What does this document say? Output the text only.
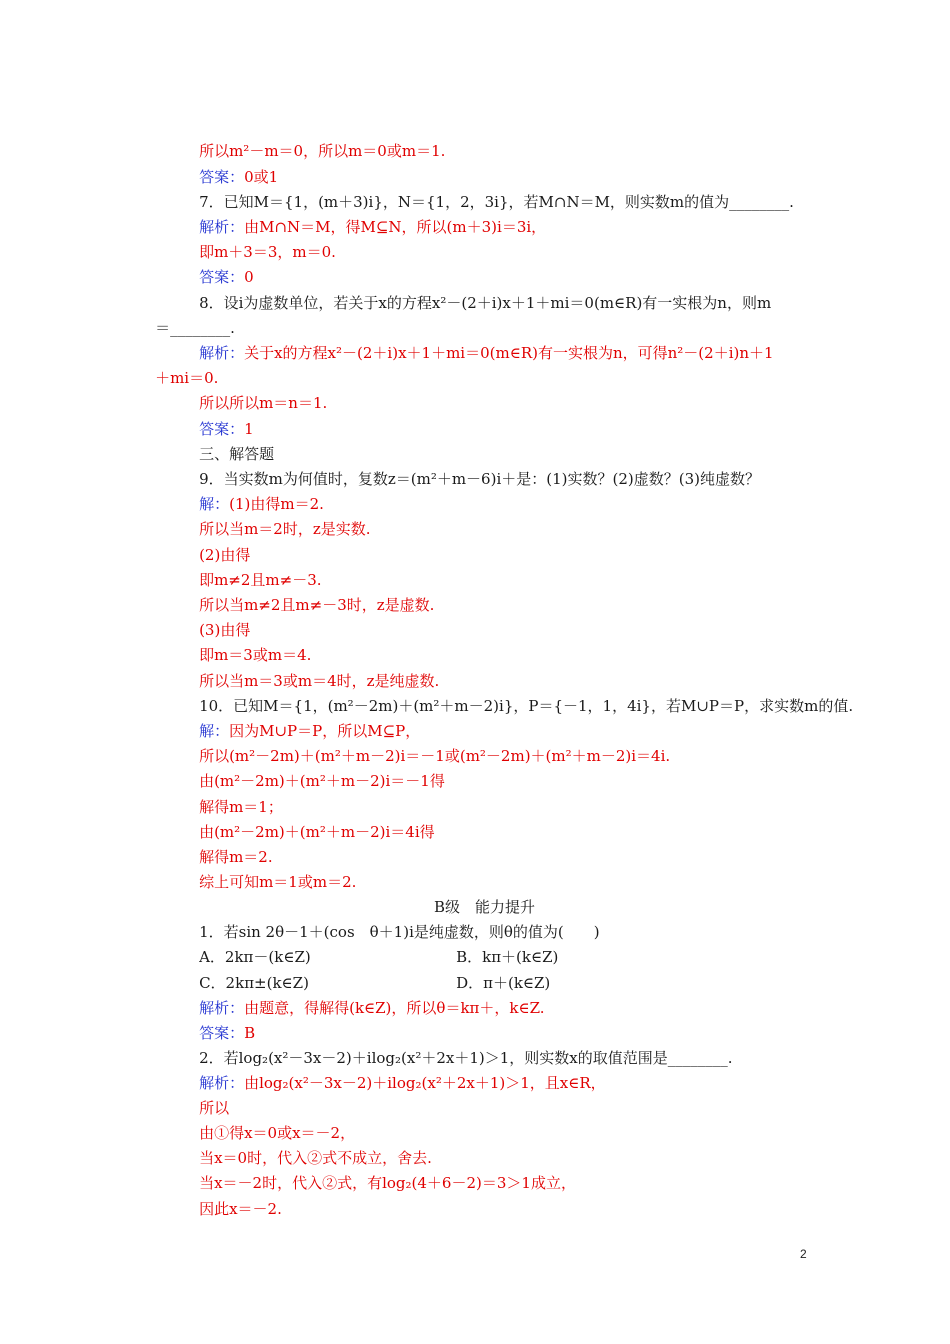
所以m²－m＝0，所以m＝0或m＝1.

答案：0或1

7．已知M＝{1，(m＋3)i}，N＝{1，2，3i}，若M∩N＝M，则实数m的值为________.

解析：由M∩N＝M，得M⊆N，所以(m＋3)i＝3i，

即m＋3＝3，m＝0.

答案：0

8．设i为虚数单位，若关于x的方程x²－(2＋i)x＋1＋mi＝0(m∈R)有一实根为n，则m

＝________.

解析：关于x的方程x²－(2＋i)x＋1＋mi＝0(m∈R)有一实根为n，可得n²－(2＋i)n＋1

＋mi＝0.

所以所以m＝n＝1.

答案：1

三、解答题

9．当实数m为何值时，复数z＝(m²＋m－6)i＋是：(1)实数？(2)虚数？(3)纯虚数？

解：(1)由得m＝2.

所以当m＝2时，z是实数.

(2)由得

即m≠2且m≠－3.

所以当m≠2且m≠－3时，z是虚数.

(3)由得

即m＝3或m＝4.

所以当m＝3或m＝4时，z是纯虚数.

10．已知M＝{1，(m²－2m)＋(m²＋m－2)i}，P＝{－1，1，4i}，若M∪P＝P，求实数m的值.

解：因为M∪P＝P，所以M⊆P，

所以(m²－2m)＋(m²＋m－2)i＝－1或(m²－2m)＋(m²＋m－2)i＝4i.

由(m²－2m)＋(m²＋m－2)i＝－1得

解得m＝1；

由(m²－2m)＋(m²＋m－2)i＝4i得

解得m＝2.

综上可知m＝1或m＝2.

B级　能力提升

1．若sin 2θ－1＋(cos　θ＋1)i是纯虚数，则θ的值为(　　)

A．2kπ－(k∈Z)
	B．kπ＋(k∈Z)

C．2kπ±(k∈Z)
	D．π＋(k∈Z)

解析：由题意，得解得(k∈Z)，所以θ＝kπ＋，k∈Z.

答案：B

2．若log₂(x²－3x－2)＋ilog₂(x²＋2x＋1)＞1，则实数x的取值范围是________.

解析：由log₂(x²－3x－2)＋ilog₂(x²＋2x＋1)＞1，且x∈R，

所以

由①得x＝0或x＝－2，

当x＝0时，代入②式不成立，舍去.

当x＝－2时，代入②式，有log₂(4＋6－2)＝3＞1成立，

因此x＝－2.

2
